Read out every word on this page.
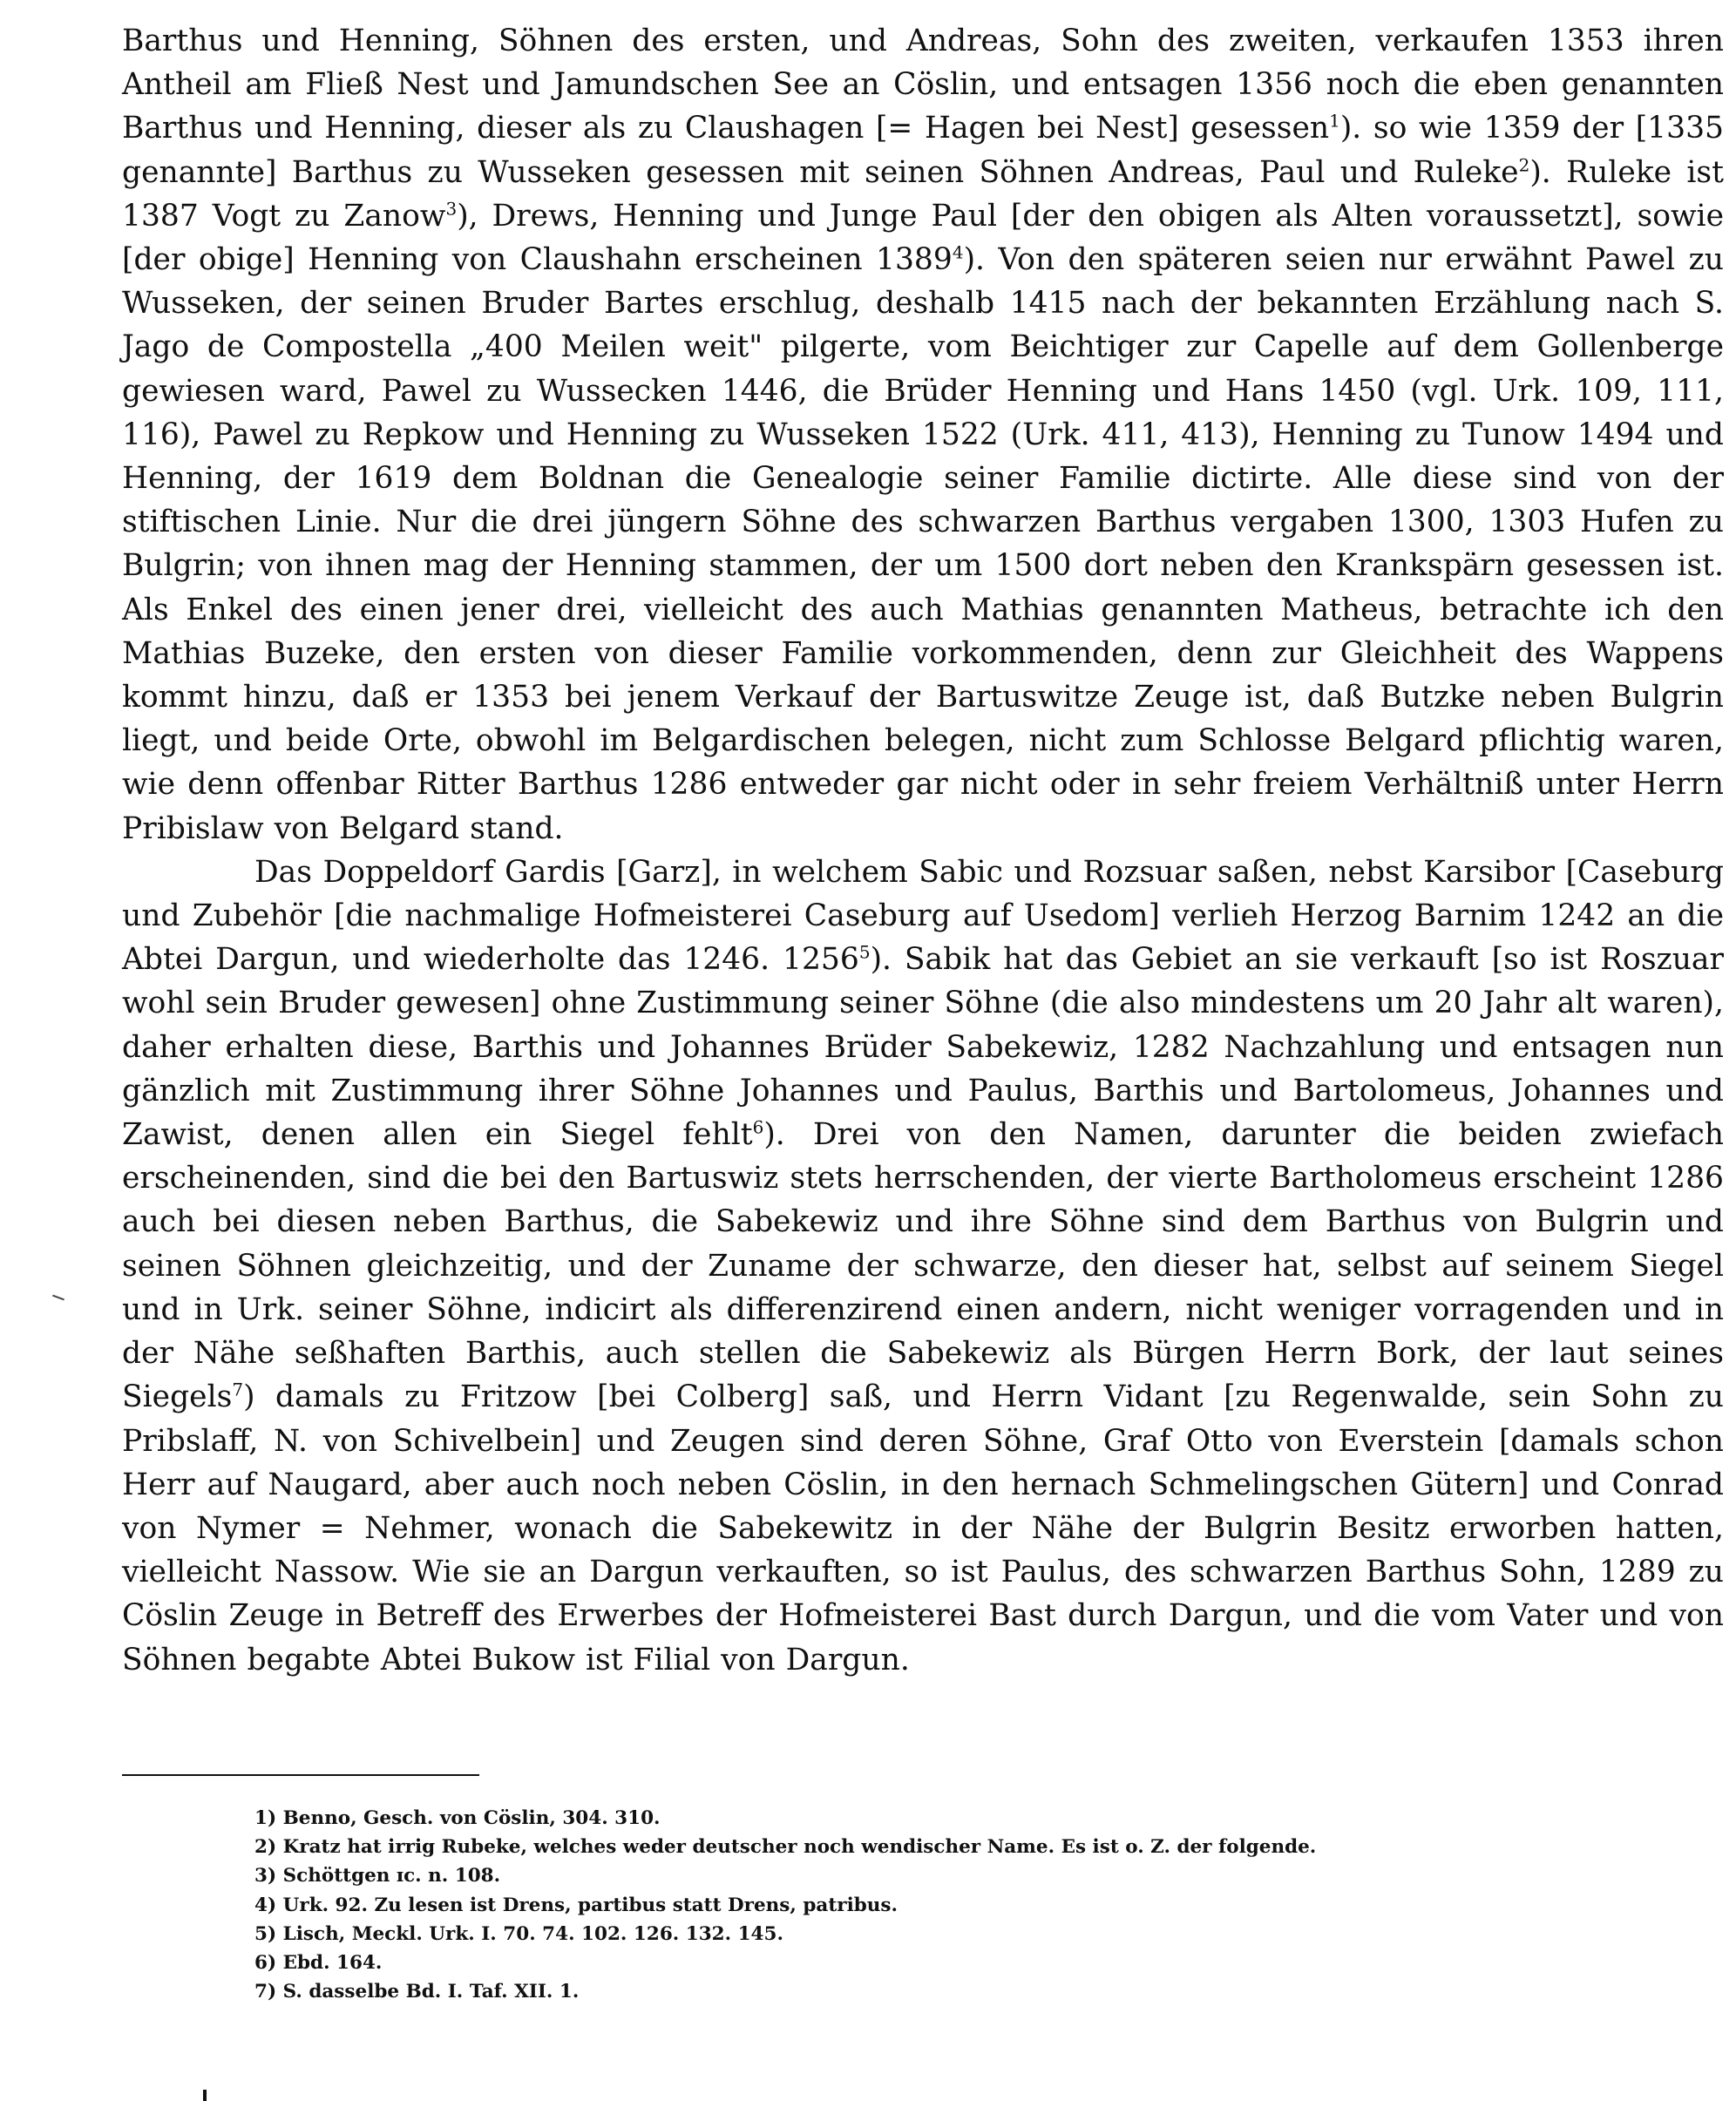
Barthus und Henning, Söhnen des ersten, und Andreas, Sohn des zweiten, verkaufen 1353 ihren Antheil am Fließ Nest und Jamundschen See an Cöslin, und entsagen 1356 noch die eben genannten Barthus und Henning, dieser als zu Claushagen [= Hagen bei Nest] gesessen$^1$). so wie 1359 der [1335 genannte] Barthus zu Wusseken gesessen mit seinen Söhnen Andreas, Paul und Ruleke$^2$). Ruleke ist 1387 Vogt zu Zanow$^3$), Drews, Henning und Junge Paul [der den obigen als Alten voraussetzt], sowie [der obige] Henning von Claushahn erscheinen 1389$^4$). Von den späteren seien nur erwähnt Pawel zu Wusseken, der seinen Bruder Bartes erschlug, deshalb 1415 nach der bekannten Erzählung nach S. Jago de Compostella „400 Meilen weit" pilgerte, vom Beichtiger zur Capelle auf dem Gollenberge gewiesen ward, Pawel zu Wussecken 1446, die Brüder Henning und Hans 1450 (vgl. Urk. 109, 111, 116), Pawel zu Repkow und Henning zu Wusseken 1522 (Urk. 411, 413), Henning zu Tunow 1494 und Henning, der 1619 dem Boldnan die Genealogie seiner Familie dictirte. Alle diese sind von der stiftischen Linie. Nur die drei jüngern Söhne des schwarzen Barthus vergaben 1300, 1303 Hufen zu Bulgrin; von ihnen mag der Henning stammen, der um 1500 dort neben den Krankspärn gesessen ist. Als Enkel des einen jener drei, vielleicht des auch Mathias genannten Matheus, betrachte ich den Mathias Buzeke, den ersten von dieser Familie vorkommenden, denn zur Gleichheit des Wappens kommt hinzu, daß er 1353 bei jenem Verkauf der Bartuswitze Zeuge ist, daß Butzke neben Bulgrin liegt, und beide Orte, obwohl im Belgardischen belegen, nicht zum Schlosse Belgard pflichtig waren, wie denn offenbar Ritter Barthus 1286 entweder gar nicht oder in sehr freiem Verhältniß unter Herrn Pribislaw von Belgard stand.

Das Doppeldorf Gardis [Garz], in welchem Sabic und Rozsuar saßen, nebst Karsibor [Caseburg und Zubehör [die nachmalige Hofmeisterei Caseburg auf Usedom] verlieh Herzog Barnim 1242 an die Abtei Dargun, und wiederholte das 1246. 1256$^5$). Sabik hat das Gebiet an sie verkauft [so ist Roszuar wohl sein Bruder gewesen] ohne Zustimmung seiner Söhne (die also mindestens um 20 Jahr alt waren), daher erhalten diese, Barthis und Johannes Brüder Sabekewiz, 1282 Nachzahlung und entsagen nun gänzlich mit Zustimmung ihrer Söhne Johannes und Paulus, Barthis und Bartolomeus, Johannes und Zawist, denen allen ein Siegel fehlt$^6$). Drei von den Namen, darunter die beiden zwiefach erscheinenden, sind die bei den Bartuswiz stets herrschenden, der vierte Bartholomeus erscheint 1286 auch bei diesen neben Barthus, die Sabekewiz und ihre Söhne sind dem Barthus von Bulgrin und seinen Söhnen gleichzeitig, und der Zuname der schwarze, den dieser hat, selbst auf seinem Siegel und in Urk. seiner Söhne, indicirt als differenzirend einen andern, nicht weniger vorragenden und in der Nähe seßhaften Barthis, auch stellen die Sabekewiz als Bürgen Herrn Bork, der laut seines Siegels$^7$) damals zu Fritzow [bei Colberg] saß, und Herrn Vidant [zu Regenwalde, sein Sohn zu Pribslaff, N. von Schivelbein] und Zeugen sind deren Söhne, Graf Otto von Everstein [damals schon Herr auf Naugard, aber auch noch neben Cöslin, in den hernach Schmelingschen Gütern] und Conrad von Nymer = Nehmer, wonach die Sabekewitz in der Nähe der Bulgrin Besitz erworben hatten, vielleicht Nassow. Wie sie an Dargun verkauften, so ist Paulus, des schwarzen Barthus Sohn, 1289 zu Cöslin Zeuge in Betreff des Erwerbes der Hofmeisterei Bast durch Dargun, und die vom Vater und von Söhnen begabte Abtei Bukow ist Filial von Dargun.

1) Benno, Gesch. von Cöslin, 304. 310.
2) Kratz hat irrig Rubeke, welches weder deutscher noch wendischer Name. Es ist o. Z. der folgende.
3) Schöttgen ɪc. n. 108.
4) Urk. 92. Zu lesen ist Drens, partibus statt Drens, patribus.
5) Lisch, Meckl. Urk. I. 70. 74. 102. 126. 132. 145.
6) Ebd. 164.
7) S. dasselbe Bd. I. Taf. XII. 1.
